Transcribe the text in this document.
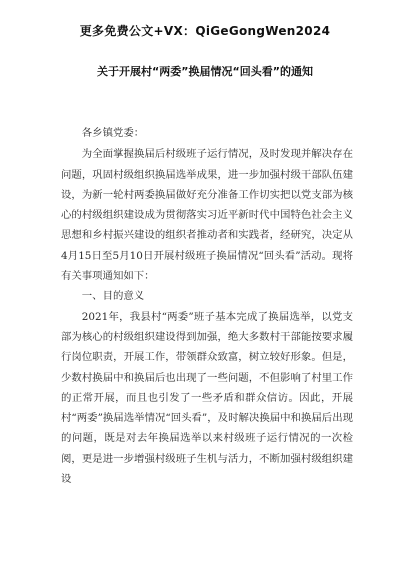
更多免费公文+VX：QiGeGongWen2024
关于开展村“两委”换届情况“回头看”的通知

各乡镇党委：

为全面掌握换届后村级班子运行情况，及时发现并解决存在问题，巩固村级组织换届选举成果，进一步加强村级干部队伍建设，为新一轮村两委换届做好充分准备工作切实把以党支部为核心的村级组织建设成为贯彻落实习近平新时代中国特色社会主义思想和乡村振兴建设的组织者推动者和实践者，经研究，决定从4月15日至5月10日开展村级班子换届情况“回头看”活动。现将有关事项通知如下：

一、目的意义

2021年，我县村“两委”班子基本完成了换届选举，以党支部为核心的村级组织建设得到加强，绝大多数村干部能按要求履行岗位职责，开展工作，带领群众致富，树立较好形象。但是，少数村换届中和换届后也出现了一些问题，不但影响了村里工作的正常开展，而且也引发了一些矛盾和群众信访。因此，开展村“两委”换届选举情况“回头看”，及时解决换届中和换届后出现的问题，既是对去年换届选举以来村级班子运行情况的一次检阅，更是进一步增强村级班子生机与活力，不断加强村级组织建设
